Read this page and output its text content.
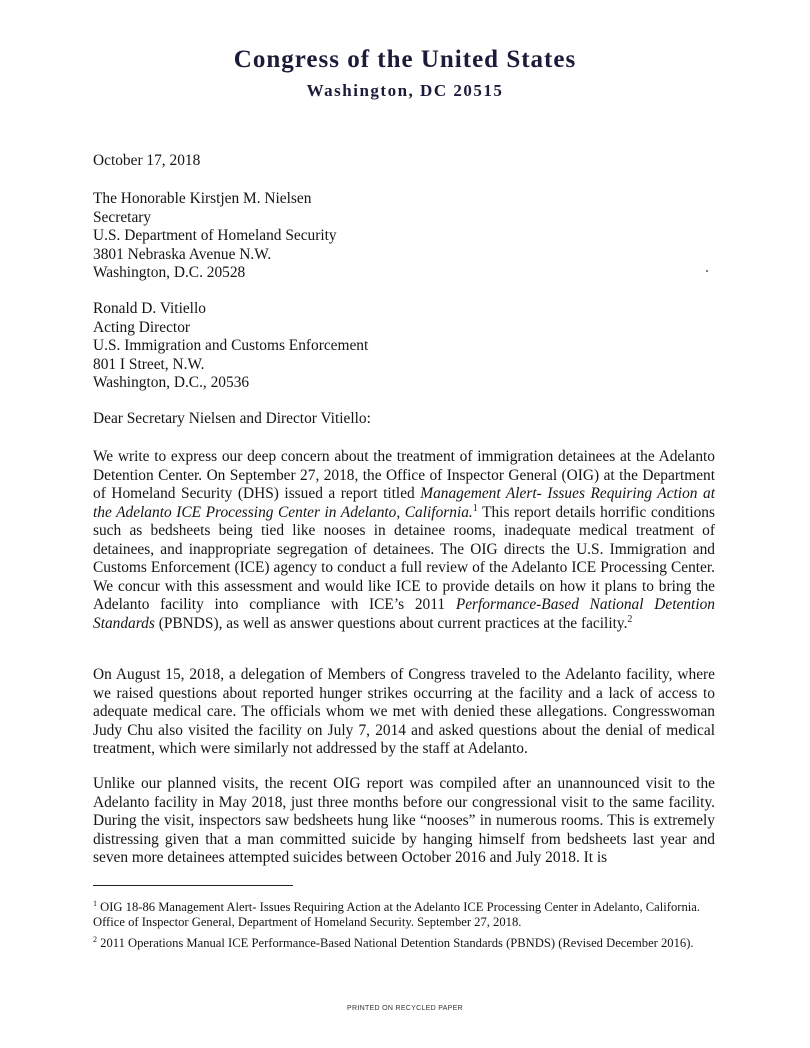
Congress of the United States
Washington, DC 20515
October 17, 2018
The Honorable Kirstjen M. Nielsen
Secretary
U.S. Department of Homeland Security
3801 Nebraska Avenue N.W.
Washington, D.C. 20528
Ronald D. Vitiello
Acting Director
U.S. Immigration and Customs Enforcement
801 I Street, N.W.
Washington, D.C., 20536
Dear Secretary Nielsen and Director Vitiello:
We write to express our deep concern about the treatment of immigration detainees at the Adelanto Detention Center. On September 27, 2018, the Office of Inspector General (OIG) at the Department of Homeland Security (DHS) issued a report titled Management Alert- Issues Requiring Action at the Adelanto ICE Processing Center in Adelanto, California.$^1$ This report details horrific conditions such as bedsheets being tied like nooses in detainee rooms, inadequate medical treatment of detainees, and inappropriate segregation of detainees. The OIG directs the U.S. Immigration and Customs Enforcement (ICE) agency to conduct a full review of the Adelanto ICE Processing Center. We concur with this assessment and would like ICE to provide details on how it plans to bring the Adelanto facility into compliance with ICE’s 2011 Performance-Based National Detention Standards (PBNDS), as well as answer questions about current practices at the facility.$^2$
On August 15, 2018, a delegation of Members of Congress traveled to the Adelanto facility, where we raised questions about reported hunger strikes occurring at the facility and a lack of access to adequate medical care. The officials whom we met with denied these allegations. Congresswoman Judy Chu also visited the facility on July 7, 2014 and asked questions about the denial of medical treatment, which were similarly not addressed by the staff at Adelanto.
Unlike our planned visits, the recent OIG report was compiled after an unannounced visit to the Adelanto facility in May 2018, just three months before our congressional visit to the same facility. During the visit, inspectors saw bedsheets hung like “nooses” in numerous rooms. This is extremely distressing given that a man committed suicide by hanging himself from bedsheets last year and seven more detainees attempted suicides between October 2016 and July 2018. It is
$^1$ OIG 18-86 Management Alert- Issues Requiring Action at the Adelanto ICE Processing Center in Adelanto, California. Office of Inspector General, Department of Homeland Security. September 27, 2018.
$^2$ 2011 Operations Manual ICE Performance-Based National Detention Standards (PBNDS) (Revised December 2016).
PRINTED ON RECYCLED PAPER
